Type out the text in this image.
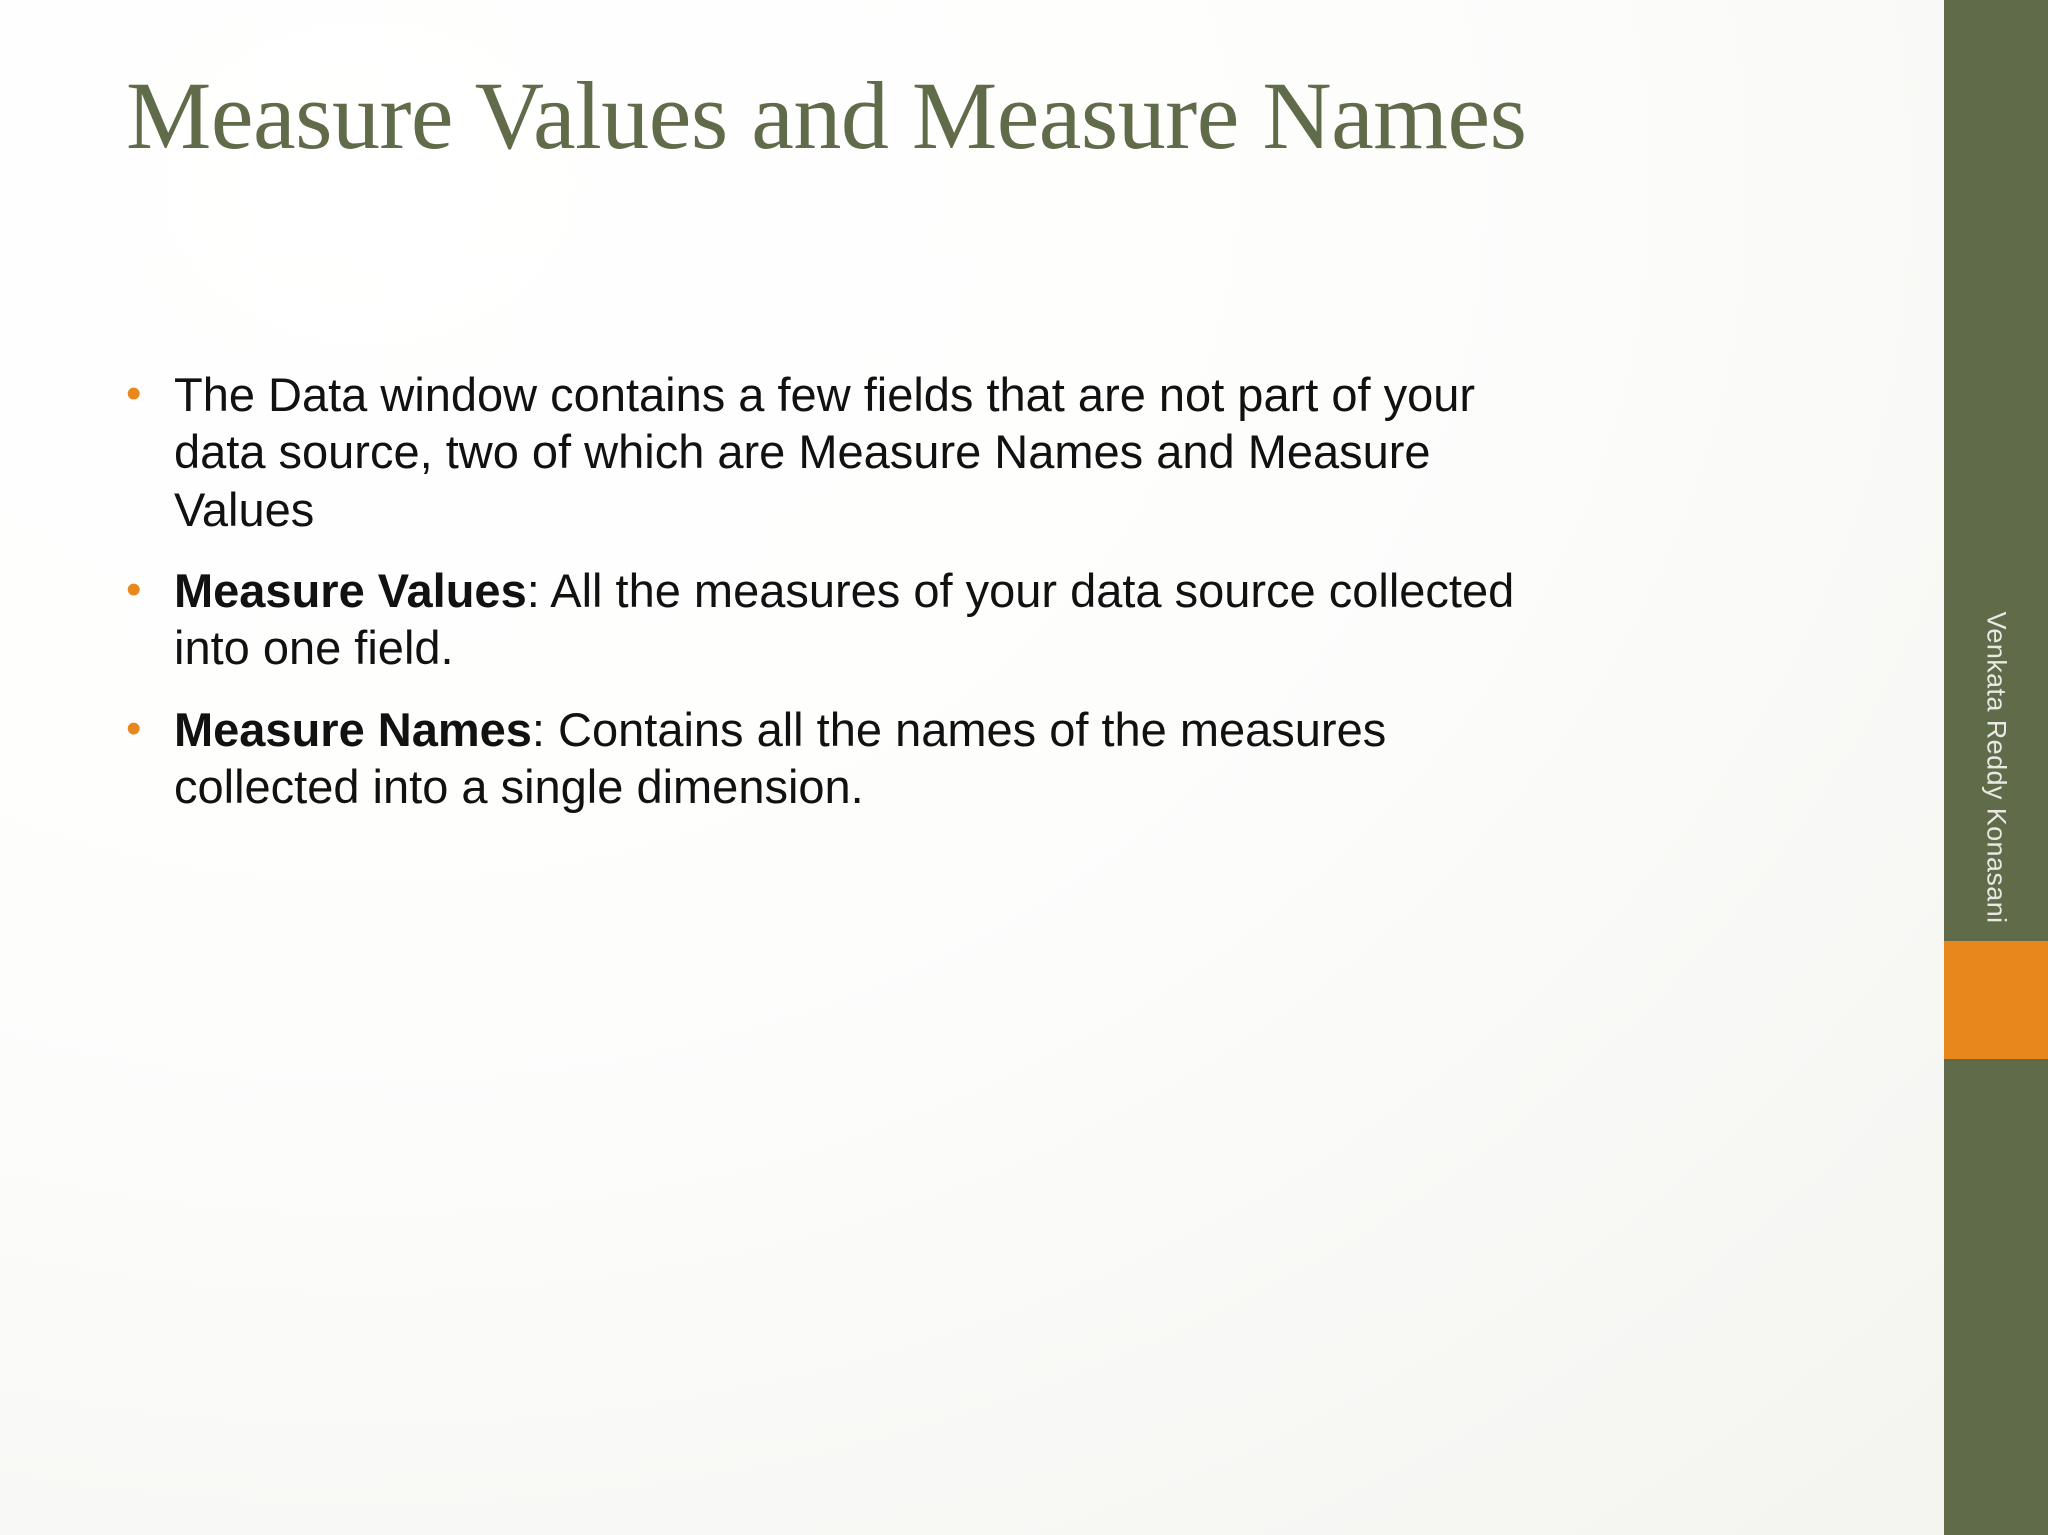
Venkata Reddy Konasani
Measure Values and Measure Names
• The Data window contains a few fields that are not part of your data source, two of which are Measure Names and Measure Values
• Measure Values: All the measures of your data source collected into one field.
• Measure Names: Contains all the names of the measures collected into a single dimension.
